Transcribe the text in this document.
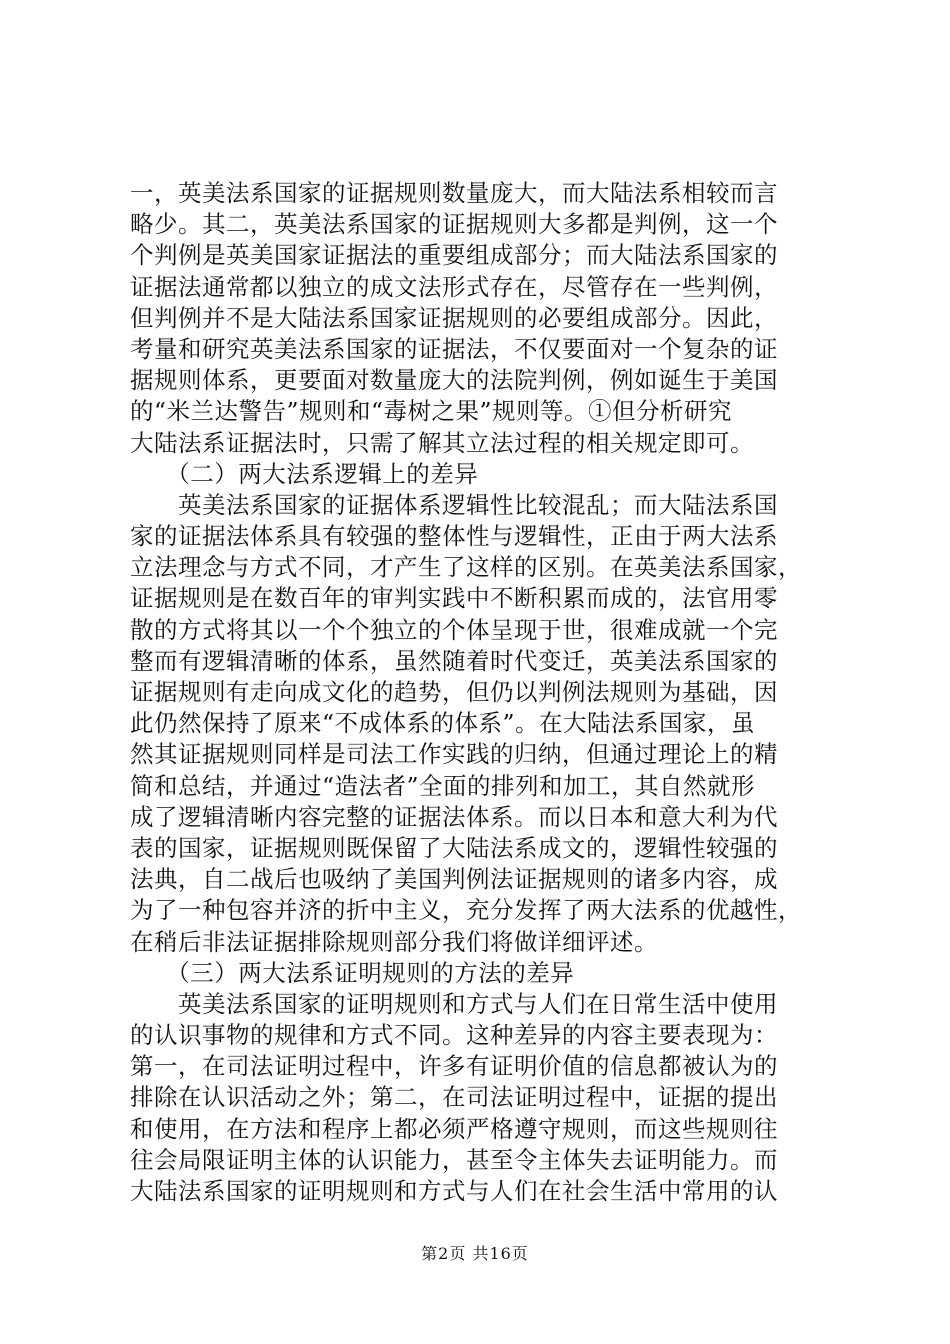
一，英美法系国家的证据规则数量庞大，而大陆法系相较而言
略少。其二，英美法系国家的证据规则大多都是判例，这一个
个判例是英美国家证据法的重要组成部分；而大陆法系国家的
证据法通常都以独立的成文法形式存在，尽管存在一些判例，
但判例并不是大陆法系国家证据规则的必要组成部分。因此，
考量和研究英美法系国家的证据法，不仅要面对一个复杂的证
据规则体系，更要面对数量庞大的法院判例，例如诞生于美国
的“米兰达警告”规则和“毒树之果”规则等。①但分析研究
大陆法系证据法时，只需了解其立法过程的相关规定即可。
　　（二）两大法系逻辑上的差异
　　英美法系国家的证据体系逻辑性比较混乱；而大陆法系国
家的证据法体系具有较强的整体性与逻辑性，正由于两大法系
立法理念与方式不同，才产生了这样的区别。在英美法系国家，
证据规则是在数百年的审判实践中不断积累而成的，法官用零
散的方式将其以一个个独立的个体呈现于世，很难成就一个完
整而有逻辑清晰的体系，虽然随着时代变迁，英美法系国家的
证据规则有走向成文化的趋势，但仍以判例法规则为基础，因
此仍然保持了原来“不成体系的体系”。在大陆法系国家，虽
然其证据规则同样是司法工作实践的归纳，但通过理论上的精
简和总结，并通过“造法者”全面的排列和加工，其自然就形
成了逻辑清晰内容完整的证据法体系。而以日本和意大利为代
表的国家，证据规则既保留了大陆法系成文的，逻辑性较强的
法典，自二战后也吸纳了美国判例法证据规则的诸多内容，成
为了一种包容并济的折中主义，充分发挥了两大法系的优越性，
在稍后非法证据排除规则部分我们将做详细评述。
　　（三）两大法系证明规则的方法的差异
　　英美法系国家的证明规则和方式与人们在日常生活中使用
的认识事物的规律和方式不同。这种差异的内容主要表现为：
第一，在司法证明过程中，许多有证明价值的信息都被认为的
排除在认识活动之外；第二，在司法证明过程中，证据的提出
和使用，在方法和程序上都必须严格遵守规则，而这些规则往
往会局限证明主体的认识能力，甚至令主体失去证明能力。而
大陆法系国家的证明规则和方式与人们在社会生活中常用的认
第2页 共16页
